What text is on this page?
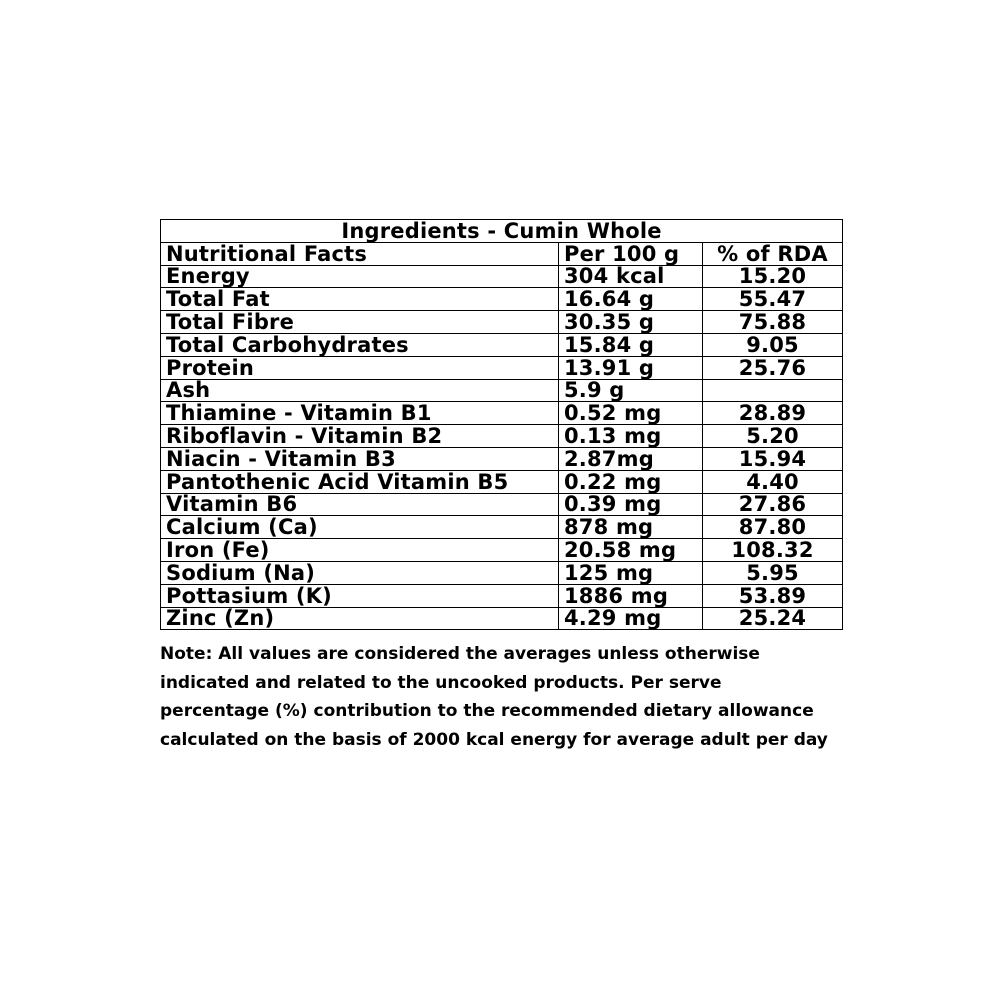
Ingredients - Cumin Whole		
Nutritional Facts	Per 100 g	% of RDA
Energy	304 kcal	15.20
Total Fat	16.64 g	55.47
Total Fibre	30.35 g	75.88
Total Carbohydrates	15.84 g	9.05
Protein	13.91 g	25.76
Ash	5.9 g	
Thiamine - Vitamin B1	0.52 mg	28.89
Riboflavin - Vitamin B2	0.13 mg	5.20
Niacin - Vitamin B3	2.87mg	15.94
Pantothenic Acid Vitamin B5	0.22 mg	4.40
Vitamin B6	0.39 mg	27.86
Calcium (Ca)	878 mg	87.80
Iron (Fe)	20.58 mg	108.32
Sodium (Na)	125 mg	5.95
Pottasium (K)	1886 mg	53.89
Zinc (Zn)	4.29 mg	25.24
Note: All values are considered the averages unless otherwise
indicated and related to the uncooked products. Per serve
percentage (%) contribution to the recommended dietary allowance
calculated on the basis of 2000 kcal energy for average adult per day
